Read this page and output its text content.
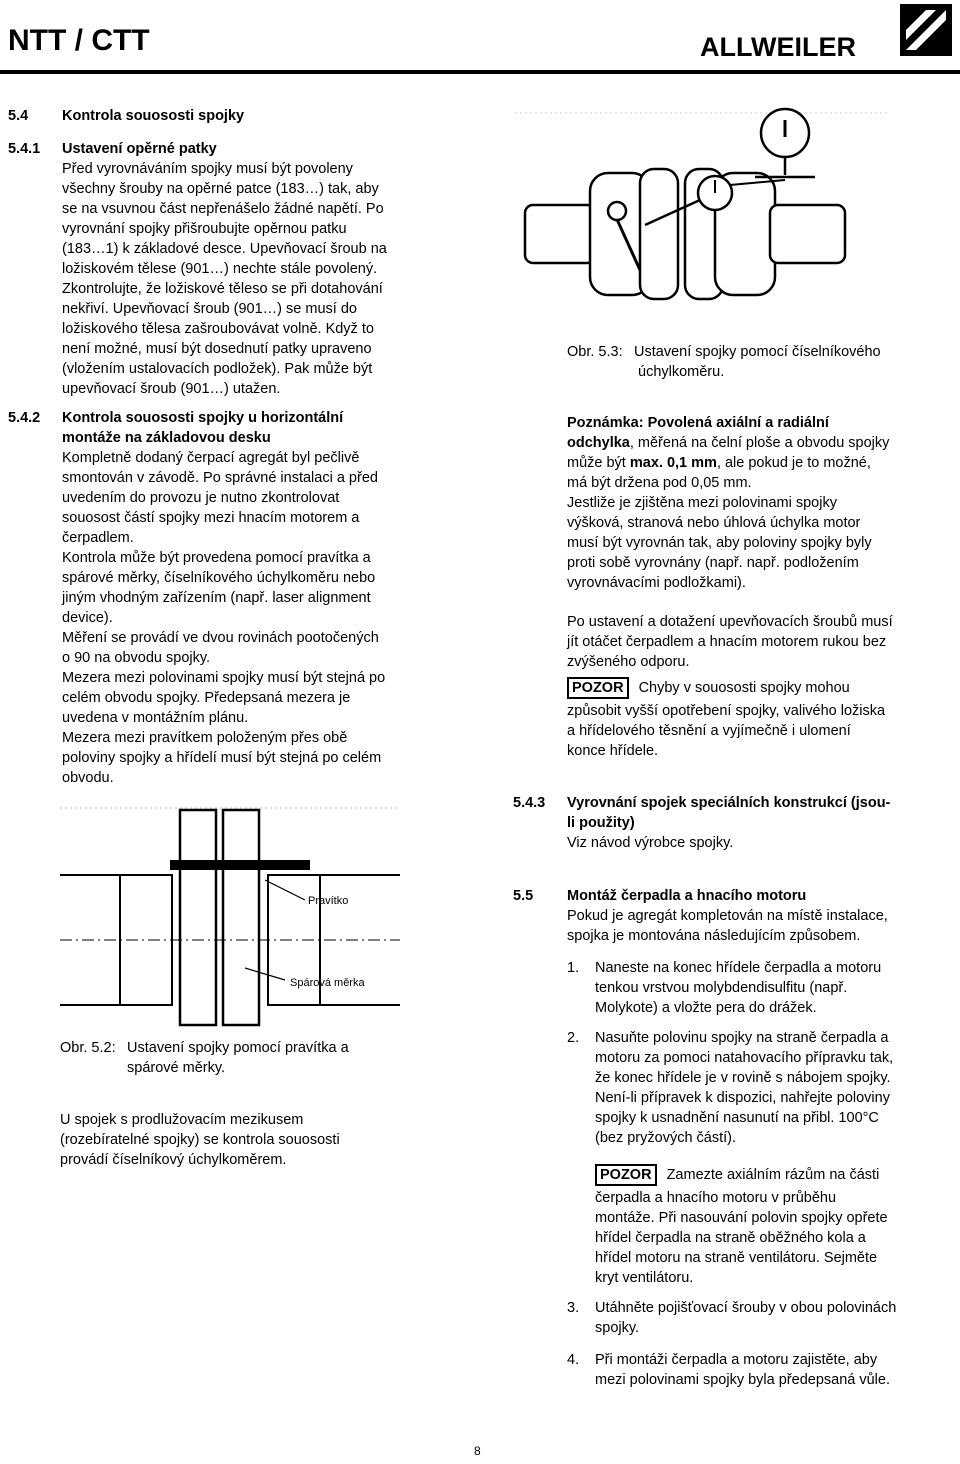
NTT / CTT	ALLWEILER
5.4 Kontrola souososti spojky
5.4.1 Ustavení opěrné patky
Před vyrovnáváním spojky musí být povoleny
všechny šrouby na opěrné patce (183…) tak, aby
se na vsuvnou část nepřenášelo žádné napětí. Po
vyrovnání spojky přišroubujte opěrnou patku
(183…1) k základové desce. Upevňovací šroub na
ložiskovém tělese (901…) nechte stále povolený.
Zkontrolujte, že ložiskové těleso se při dotahování
nekřiví. Upevňovací šroub (901…) se musí do
ložiskového tělesa zašroubovávat volně. Když to
není možné, musí být dosednutí patky upraveno
(vložením ustalovacích podložek). Pak může být
upevňovací šroub (901…) utažen.
5.4.2 Kontrola souososti spojky u horizontální
montáže na základovou desku
Kompletně dodaný čerpací agregát byl pečlivě
smontován v závodě. Po správné instalaci a před
uvedením do provozu je nutno zkontrolovat
souosost částí spojky mezi hnacím motorem a
čerpadlem.
Kontrola může být provedena pomocí pravítka a
spárové měrky, číselníkového úchylkoměru nebo
jiným vhodným zařízením (např. laser alignment
device).
Měření se provádí ve dvou rovinách pootočených
o 90 na obvodu spojky.
Mezera mezi polovinami spojky musí být stejná po
celém obvodu spojky. Předepsaná mezera je
uvedena v montážním plánu.
Mezera mezi pravítkem položeným přes obě
poloviny spojky a hřídelí musí být stejná po celém
obvodu.
Pravítko
Spárová měrka
Obr. 5.2: Ustavení spojky pomocí pravítka a
spárové měrky.
U spojek s prodlužovacím mezikusem
(rozebíratelné spojky) se kontrola souososti
provádí číselníkový úchylkoměrem.
Obr. 5.3: Ustavení spojky pomocí číselníkového
úchylkoměru.
Poznámka: Povolená axiální a radiální
odchylka, měřená na čelní ploše a obvodu spojky
může být max. 0,1 mm, ale pokud je to možné,
má být držena pod 0,05 mm.
Jestliže je zjištěna mezi polovinami spojky
výšková, stranová nebo úhlová úchylka motor
musí být vyrovnán tak, aby poloviny spojky byly
proti sobě vyrovnány (např. např. podložením
vyrovnávacími podložkami).
Po ustavení a dotažení upevňovacích šroubů musí
jít otáčet čerpadlem a hnacím motorem rukou bez
zvýšeného odporu.
POZOR Chyby v souososti spojky mohou
způsobit vyšší opotřebení spojky, valivého ložiska
a hřídelového těsnění a vyjímečně i ulomení
konce hřídele.
5.4.3 Vyrovnání spojek speciálních konstrukcí (jsou-
li použity)
Viz návod výrobce spojky.
5.5 Montáž čerpadla a hnacího motoru
Pokud je agregát kompletován na místě instalace,
spojka je montována následujícím způsobem.
1. Naneste na konec hřídele čerpadla a motoru
tenkou vrstvou molybdendisulfitu (např.
Molykote) a vložte pera do drážek.
2. Nasuňte polovinu spojky na straně čerpadla a
motoru za pomoci natahovacího přípravku tak,
že konec hřídele je v rovině s nábojem spojky.
Není-li přípravek k dispozici, nahřejte poloviny
spojky k usnadnění nasunutí na přibl. 100°C
(bez pryžových částí).
POZOR Zamezte axiálním rázům na části
čerpadla a hnacího motoru v průběhu
montáže. Při nasouvání polovin spojky opřete
hřídel čerpadla na straně oběžného kola a
hřídel motoru na straně ventilátoru. Sejměte
kryt ventilátoru.
3. Utáhněte pojišťovací šrouby v obou polovinách
spojky.
4. Při montáži čerpadla a motoru zajistěte, aby
mezi polovinami spojky byla předepsaná vůle.
8
